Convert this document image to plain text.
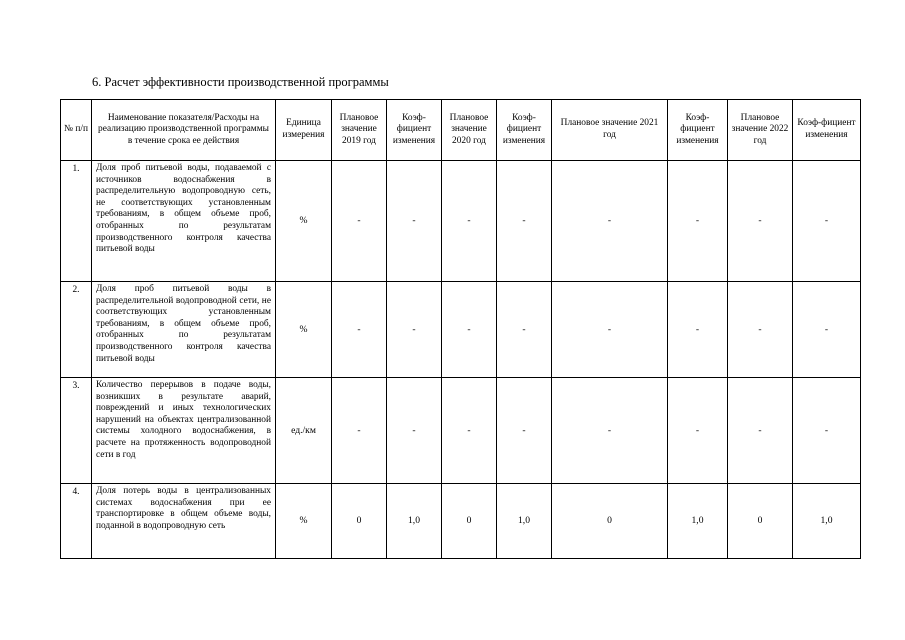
6. Расчет эффективности производственной программы
№ п/п	Наименование показателя/Расходы на реализацию производственной программы в течение срока ее действия	Единица измерения	Плановое значение 2019 год	Коэф-фициент изменения	Плановое значение 2020 год	Коэф-фициент изменения	Плановое значение 2021 год	Коэф-фициент изменения	Плановое значение 2022 год	Коэф-фициент изменения
1.	Доля проб питьевой воды, подаваемой с источников водоснабжения в распределительную водопроводную сеть, не соответствующих установленным требованиям, в общем объеме проб, отобранных по результатам производственного контроля качества питьевой воды	%	-	-	-	-	-	-	-	-
2.	Доля проб питьевой воды в распределительной водопроводной сети, не соответствующих установленным требованиям, в общем объеме проб, отобранных по результатам производственного контроля качества питьевой воды	%	-	-	-	-	-	-	-	-
3.	Количество перерывов в подаче воды, возникших в результате аварий, повреждений и иных технологических нарушений на объектах централизованной системы холодного водоснабжения, в расчете на протяженность водопроводной сети в год	ед./км	-	-	-	-	-	-	-	-
4.	Доля потерь воды в централизованных системах водоснабжения при ее транспортировке в общем объеме воды, поданной в водопроводную сеть	%	0	1,0	0	1,0	0	1,0	0	1,0
